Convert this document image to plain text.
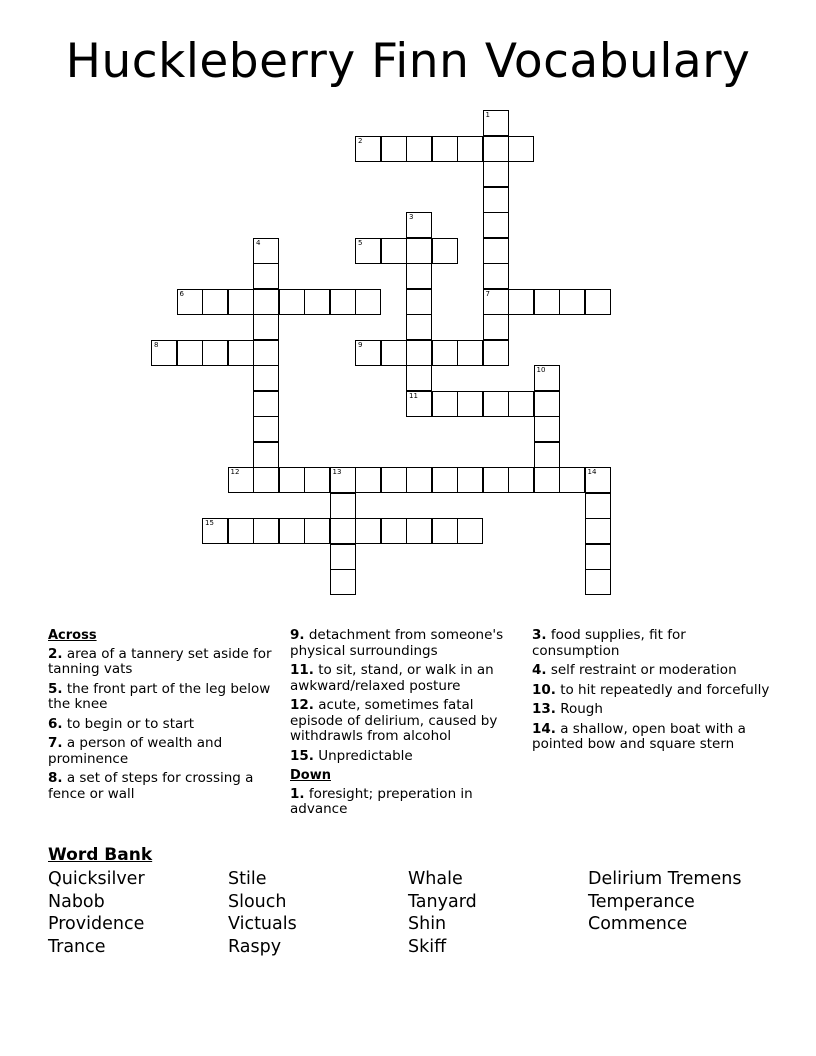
Huckleberry Finn Vocabulary
1
7
2
3
11
4	5
6
8	9
10
12	13	14
15

Across

2. area of a tannery set aside for tanning vats

5. the front part of the leg below the knee

6. to begin or to start

7. a person of wealth and prominence

8. a set of steps for crossing a fence or wall

9. detachment from someone's physical surroundings

11. to sit, stand, or walk in an awkward/relaxed posture

12. acute, sometimes fatal episode of delirium, caused by withdrawls from alcohol

15. Unpredictable

Down

1. foresight; preperation in advance

3. food supplies, fit for consumption

4. self restraint or moderation

10. to hit repeatedly and forcefully

13. Rough

14. a shallow, open boat with a pointed bow and square stern

Word Bank

Quicksilver	Stile	Whale	Delirium Tremens
Nabob	Slouch	Tanyard	Temperance
Providence	Victuals	Shin	Commence
Trance	Raspy	Skiff
